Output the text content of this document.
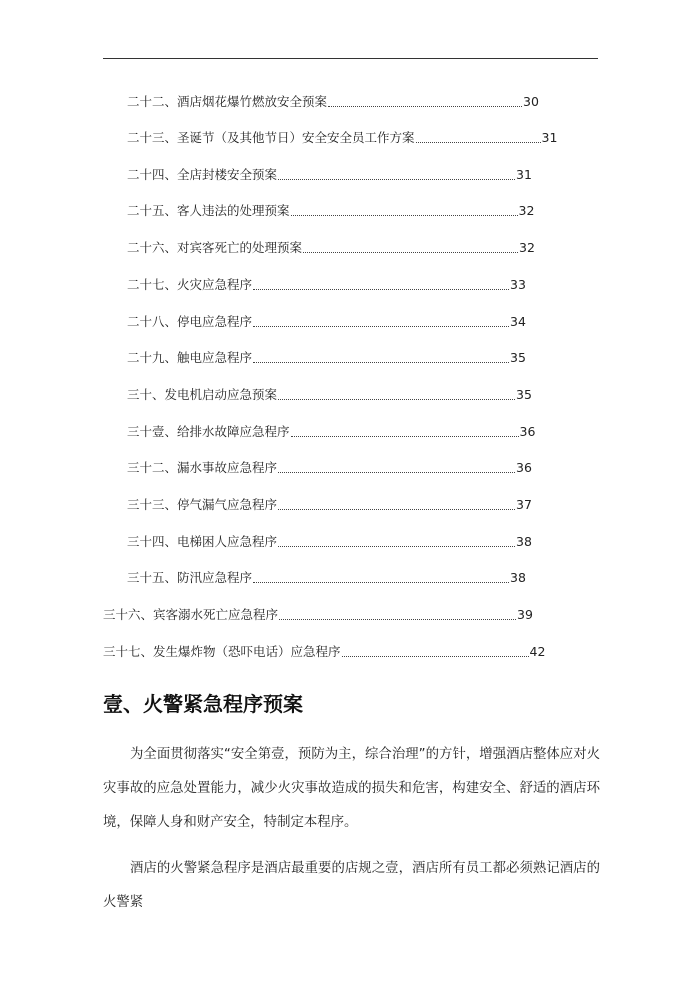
二十二、酒店烟花爆竹燃放安全预案	30
二十三、圣诞节（及其他节日）安全安全员工作方案	31
二十四、全店封楼安全预案	31
二十五、客人违法的处理预案	32
二十六、对宾客死亡的处理预案	32
二十七、火灾应急程序	33
二十八、停电应急程序	34
二十九、触电应急程序	35
三十、发电机启动应急预案	35
三十壹、给排水故障应急程序	36
三十二、漏水事故应急程序	36
三十三、停气漏气应急程序	37
三十四、电梯困人应急程序	38
三十五、防汛应急程序	38
三十六、宾客溺水死亡应急程序	39
三十七、发生爆炸物（恐吓电话）应急程序	42
壹、火警紧急程序预案
为全面贯彻落实“安全第壹，预防为主，综合治理”的方针，增强酒店整体应对火灾事故的应急处置能力，减少火灾事故造成的损失和危害，构建安全、舒适的酒店环境，保障人身和财产安全，特制定本程序。
酒店的火警紧急程序是酒店最重要的店规之壹，酒店所有员工都必须熟记酒店的火警紧
